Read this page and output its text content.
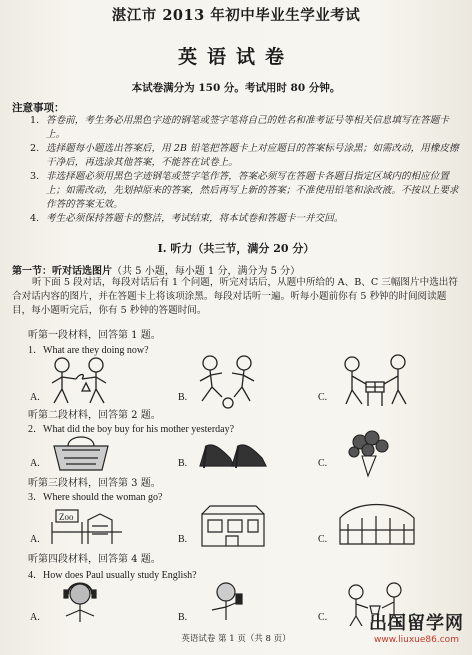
湛江市 2013 年初中毕业生学业考试
英语试卷
本试卷满分为 150 分。考试用时 80 分钟。
注意事项：
1. 答卷前，考生务必用黑色字迹的钢笔或签字笔将自己的姓名和准考证号等相关信息填写在答题卡上。
2. 选择题每小题选出答案后，用 2B 铅笔把答题卡上对应题目的答案标号涂黑；如需改动，用橡皮擦干净后，再选涂其他答案，不能答在试卷上。
3. 非选择题必须用黑色字迹钢笔或签字笔作答，答案必须写在答题卡各题目指定区域内的相应位置上；如需改动，先划掉原来的答案，然后再写上新的答案；不准使用铅笔和涂改液。不按以上要求作答的答案无效。
4. 考生必须保持答题卡的整洁，考试结束，将本试卷和答题卡一并交回。
I. 听力（共三节，满分 20 分）
第一节：听对话选图片（共 5 小题，每小题 1 分，满分为 5 分）
听下面 5 段对话，每段对话后有 1 个问题，听完对话后，从题中所给的 A、B、C 三幅图片中选出符合对话内容的图片，并在答题卡上将该项涂黑。每段对话听一遍。听每小题前你有 5 秒钟的时间阅读题目，每小题听完后，你有 5 秒钟的答题时间。
听第一段材料，回答第 1 题。
1．What are they doing now?
A.	B.	C.
听第二段材料，回答第 2 题。
2．What did the boy buy for his mother yesterday?
A.	B.	C.
听第三段材料，回答第 3 题。
3．Where should the woman go?
Zoo
A.	B.	C.
听第四段材料，回答第 4 题。
4．How does Paul usually study English?
A.	B.	C.
英语试卷 第 1 页（共 8 页）
出国留学网
www.liuxue86.com
